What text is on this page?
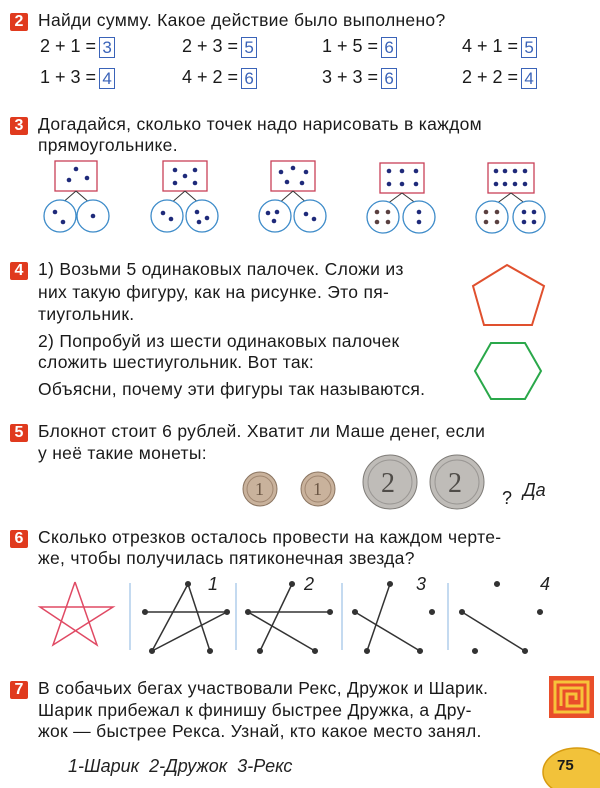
1	1 2 2
2 Найди сумму. Какое действие было выполнено?
2 + 1 = 3	2 + 3 = 5	1 + 5 = 6	4 + 1 = 5
1 + 3 = 4	4 + 2 = 6	3 + 3 = 6	2 + 2 = 4
3 Догадайся, сколько точек надо нарисовать в каждом
прямоугольнике.
4 1) Возьми 5 одинаковых палочек. Сложи из
них такую фигуру, как на рисунке. Это пя-
тиугольник.
2) Попробуй из шести одинаковых палочек
сложить шестиугольник. Вот так:
Объясни, почему эти фигуры так называются.
5 Блокнот стоит 6 рублей. Хватит ли Маше денег, если
у неё такие монеты:
? Да
6 Сколько отрезков осталось провести на каждом черте-
же, чтобы получилась пятиконечная звезда?
1	2	3	4
7 В собачьих бегах участвовали Рекс, Дружок и Шарик.
Шарик прибежал к финишу быстрее Дружка, а Дру-
жок — быстрее Рекса. Узнай, кто какое место занял.
1-Шарик  2-Дружок  3-Рекс	75
